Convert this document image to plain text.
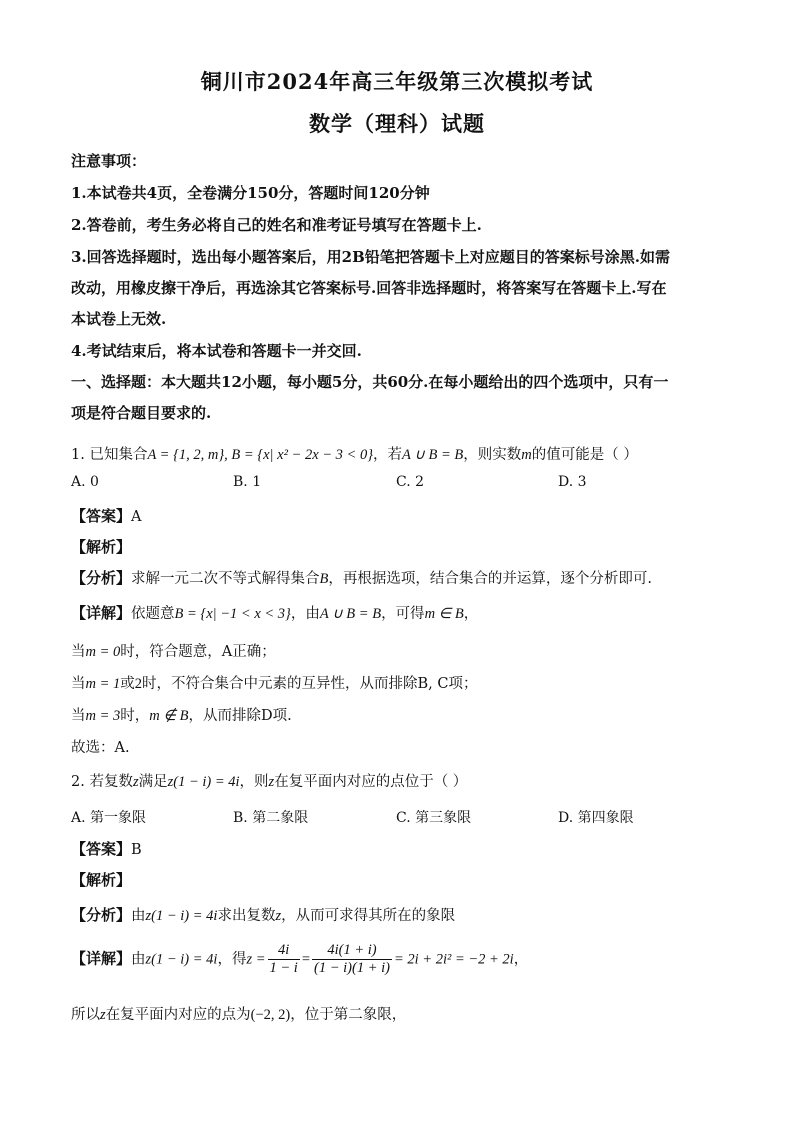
铜川市2024年高三年级第三次模拟考试
数学（理科）试题
注意事项：
1.本试卷共4页，全卷满分150分，答题时间120分钟
2.答卷前，考生务必将自己的姓名和准考证号填写在答题卡上.
3.回答选择题时，选出每小题答案后，用2B铅笔把答题卡上对应题目的答案标号涂黑.如需
改动，用橡皮擦干净后，再选涂其它答案标号.回答非选择题时，将答案写在答题卡上.写在
本试卷上无效.
4.考试结束后，将本试卷和答题卡一并交回.
一、选择题：本大题共12小题，每小题5分，共60分.在每小题给出的四个选项中，只有一
项是符合题目要求的.
1. 已知集合A = {1, 2, m}, B = {x| x² − 2x − 3 < 0}，若A ∪ B = B，则实数m的值可能是（ ）
A. 0	B. 1	C. 2	D. 3
【答案】A
【解析】
【分析】求解一元二次不等式解得集合B，再根据选项，结合集合的并运算，逐个分析即可.
【详解】依题意B = {x| −1 < x < 3}，由A ∪ B = B，可得m ∈ B，
当m = 0时，符合题意，A正确；
当m = 1或2时，不符合集合中元素的互异性，从而排除B, C项；
当m = 3时，m ∉ B，从而排除D项.
故选：A.
2. 若复数z满足z(1 − i) = 4i，则z在复平面内对应的点位于（ ）
A. 第一象限	B. 第二象限	C. 第三象限	D. 第四象限
【答案】B
【解析】
【分析】由z(1 − i) = 4i求出复数z，从而可求得其所在的象限
【详解】由z(1 − i) = 4i，得$z = \frac{4i}{1 - i} = \frac{4i(1 + i)}{(1 - i)(1 + i)} = 2i + 2i^2 = -2 + 2i$，
所以z在复平面内对应的点为(−2, 2)，位于第二象限，
